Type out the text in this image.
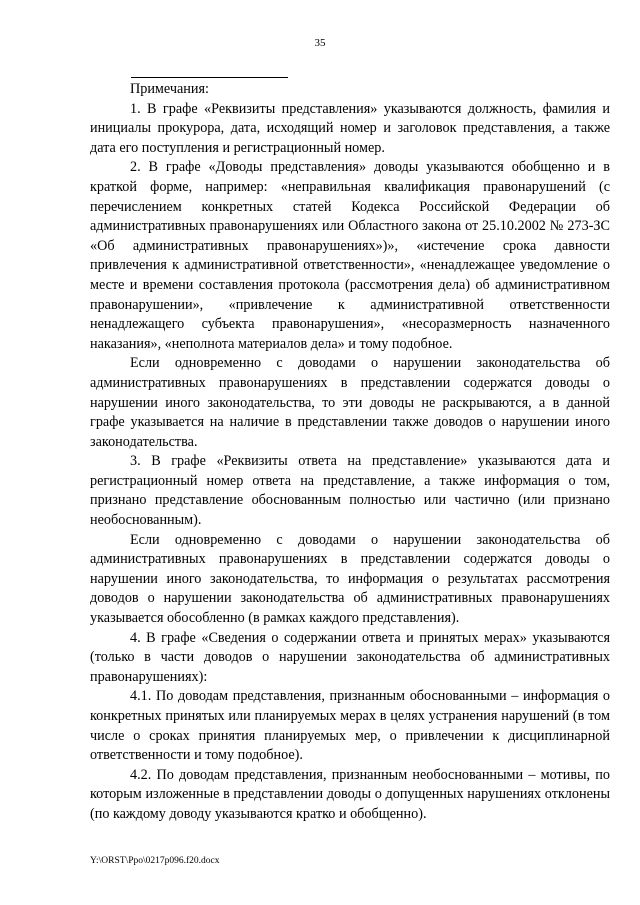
35

Примечания:

1. В графе «Реквизиты представления» указываются должность, фамилия и инициалы прокурора, дата, исходящий номер и заголовок представления, а также дата его поступления и регистрационный номер.

2. В графе «Доводы представления» доводы указываются обобщенно и в краткой форме, например: «неправильная квалификация правонарушений (с перечислением конкретных статей Кодекса Российской Федерации об административных правонарушениях или Областного закона от 25.10.2002 № 273-ЗС «Об административных правонарушениях»)», «истечение срока давности привлечения к административной ответственности», «ненадлежащее уведомление о месте и времени составления протокола (рассмотрения дела) об административном правонарушении», «привлечение к административной ответственности ненадлежащего субъекта правонарушения», «несоразмерность назначенного наказания», «неполнота материалов дела» и тому подобное.

Если одновременно с доводами о нарушении законодательства об административных правонарушениях в представлении содержатся доводы о нарушении иного законодательства, то эти доводы не раскрываются, а в данной графе указывается на наличие в представлении также доводов о нарушении иного законодательства.

3. В графе «Реквизиты ответа на представление» указываются дата и регистрационный номер ответа на представление, а также информация о том, признано представление обоснованным полностью или частично (или признано необоснованным).

Если одновременно с доводами о нарушении законодательства об административных правонарушениях в представлении содержатся доводы о нарушении иного законодательства, то информация о результатах рассмотрения доводов о нарушении законодательства об административных правонарушениях указывается обособленно (в рамках каждого представления).

4. В графе «Сведения о содержании ответа и принятых мерах» указываются (только в части доводов о нарушении законодательства об административных правонарушениях):

4.1. По доводам представления, признанным обоснованными – информация о конкретных принятых или планируемых мерах в целях устранения нарушений (в том числе о сроках принятия планируемых мер, о привлечении к дисциплинарной ответственности и тому подобное).

4.2. По доводам представления, признанным необоснованными – мотивы, по которым изложенные в представлении доводы о допущенных нарушениях отклонены (по каждому доводу указываются кратко и обобщенно).

Y:\ORST\Ppo\0217p096.f20.docx
